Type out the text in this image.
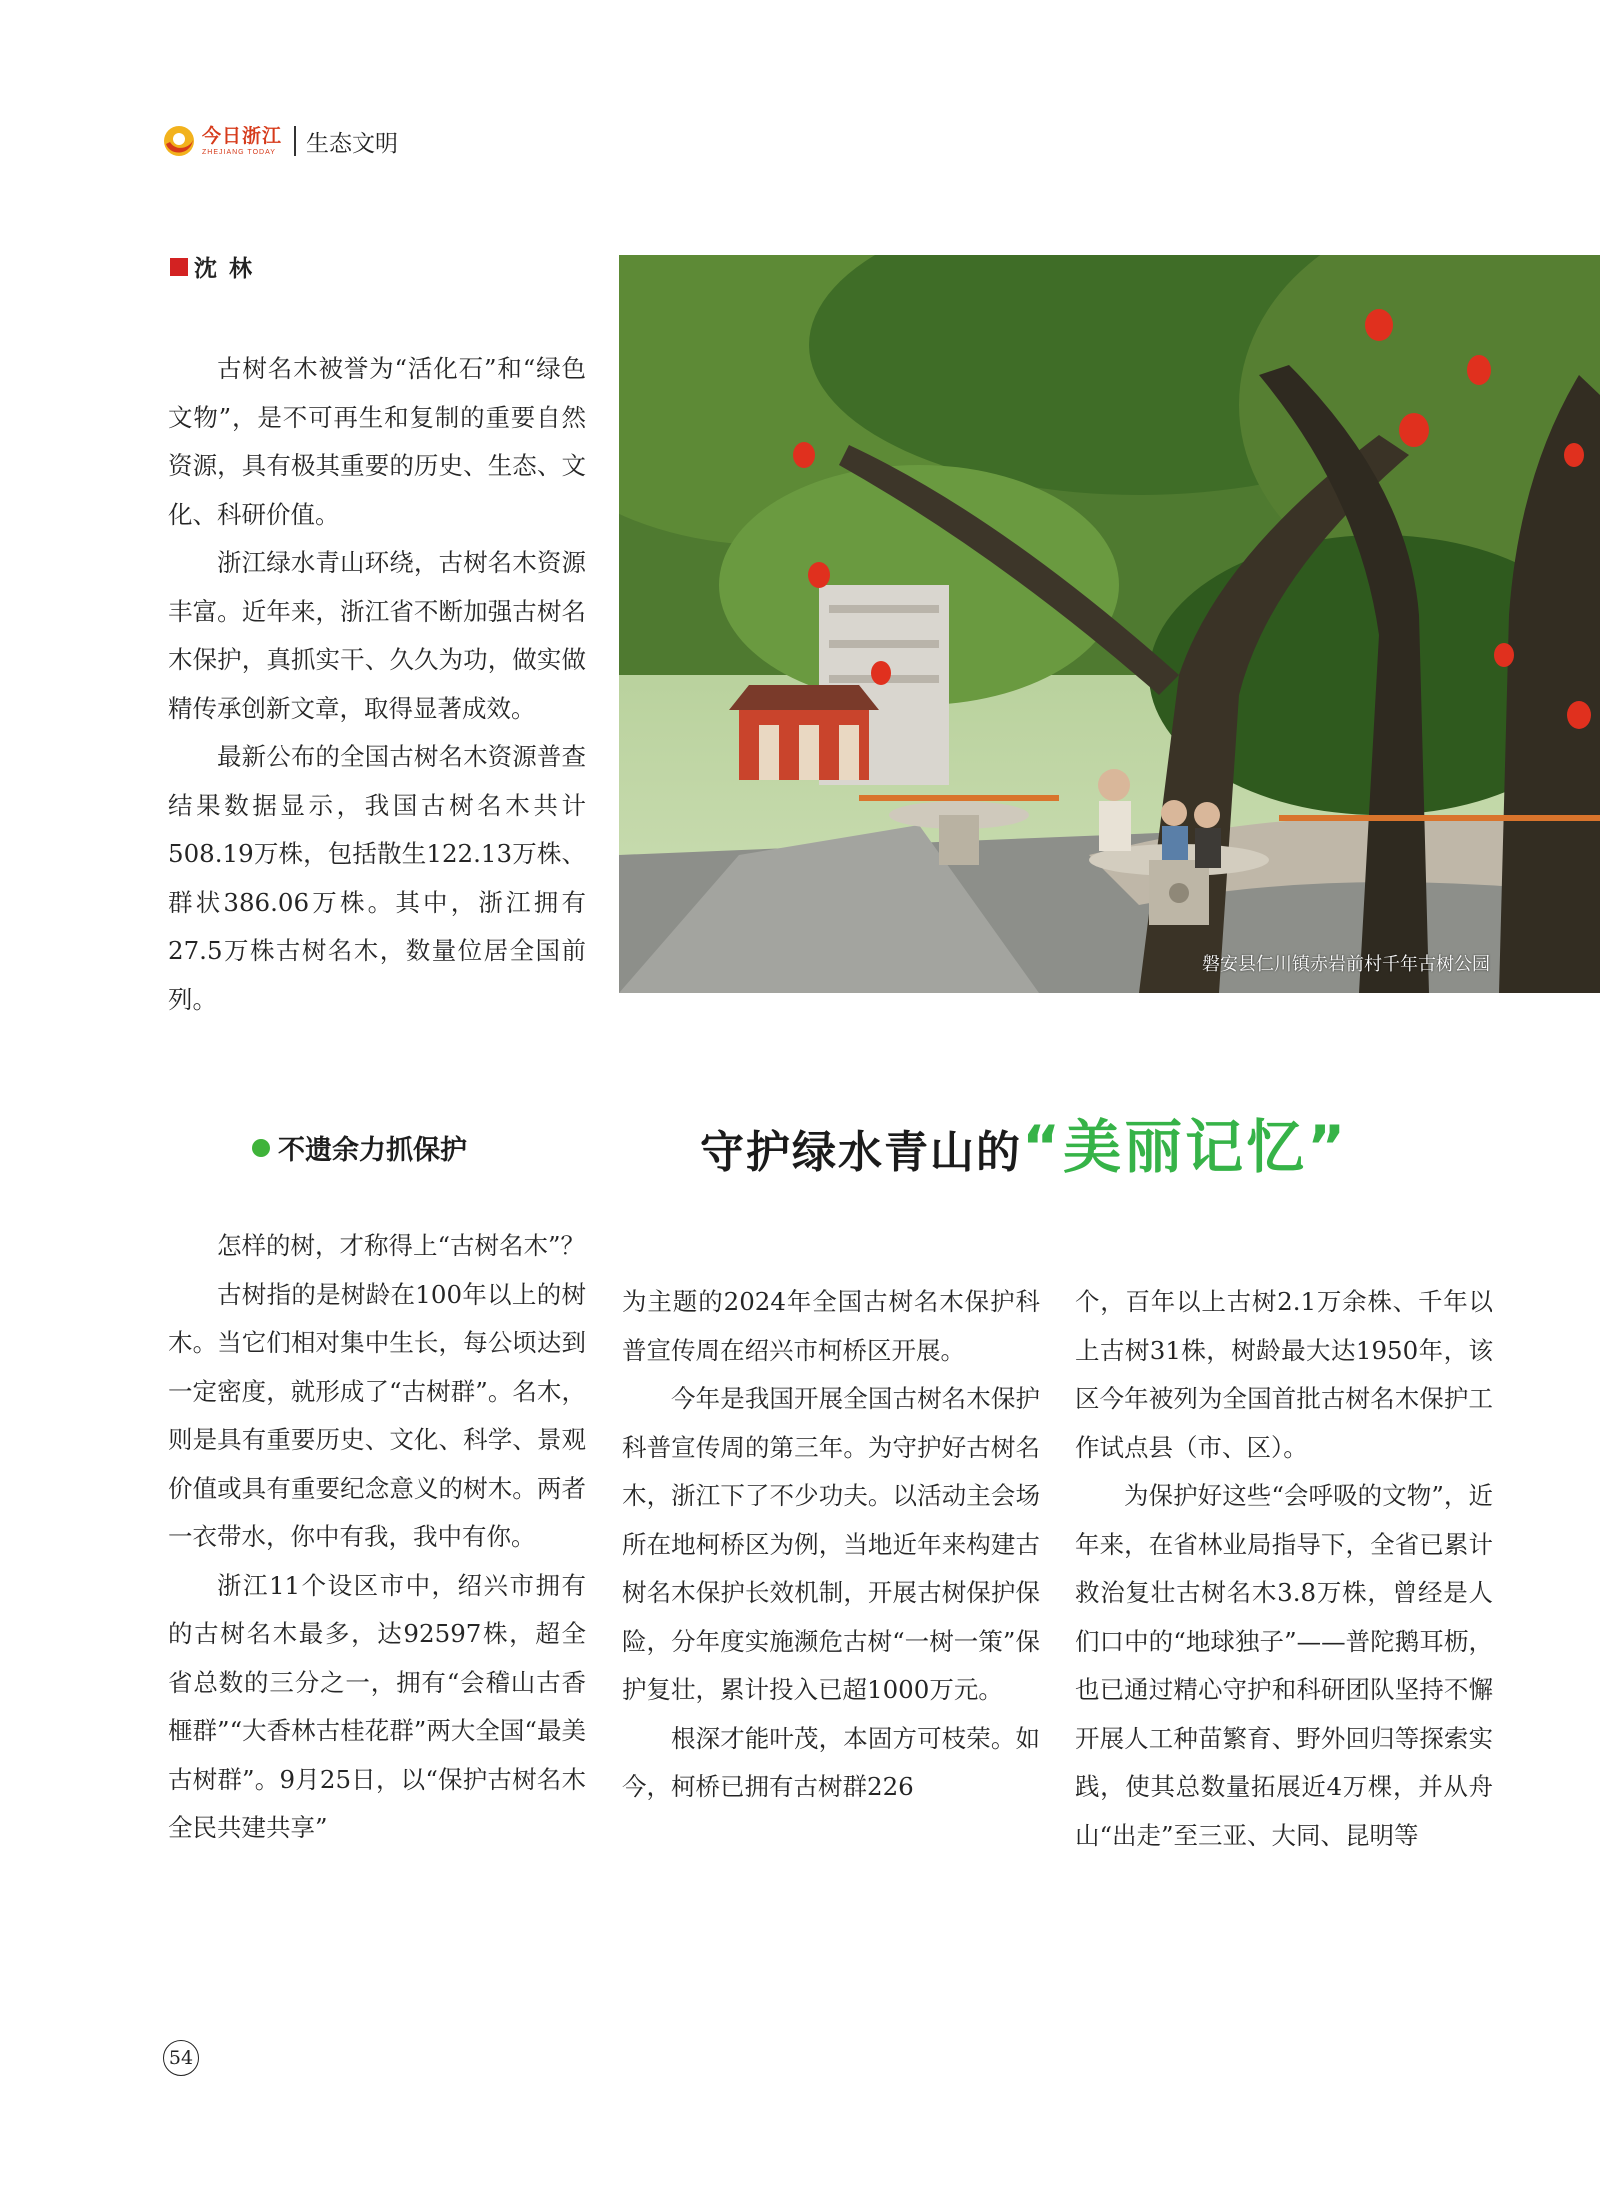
今日浙江
ZHEJIANG TODAY 生态文明
沈 林

古树名木被誉为“活化石”和“绿色文物”，是不可再生和复制的重要自然资源，具有极其重要的历史、生态、文化、科研价值。

浙江绿水青山环绕，古树名木资源丰富。近年来，浙江省不断加强古树名木保护，真抓实干、久久为功，做实做精传承创新文章，取得显著成效。

最新公布的全国古树名木资源普查结果数据显示，我国古树名木共计508.19万株，包括散生122.13万株、群状386.06万株。其中，浙江拥有27.5万株古树名木，数量位居全国前列。

磐安县仁川镇赤岩前村千年古树公园
守护绿水青山的 “美丽记忆”
不遗余力抓保护

怎样的树，才称得上“古树名木”？

古树指的是树龄在100年以上的树木。当它们相对集中生长，每公顷达到一定密度，就形成了“古树群”。名木，则是具有重要历史、文化、科学、景观价值或具有重要纪念意义的树木。两者一衣带水，你中有我，我中有你。

浙江11个设区市中，绍兴市拥有的古树名木最多，达92597株，超全省总数的三分之一，拥有“会稽山古香榧群”“大香林古桂花群”两大全国“最美古树群”。9月25日，以“保护古树名木全民共建共享”

为主题的2024年全国古树名木保护科普宣传周在绍兴市柯桥区开展。

今年是我国开展全国古树名木保护科普宣传周的第三年。为守护好古树名木，浙江下了不少功夫。以活动主会场所在地柯桥区为例，当地近年来构建古树名木保护长效机制，开展古树保护保险，分年度实施濒危古树“一树一策”保护复壮，累计投入已超1000万元。

根深才能叶茂，本固方可枝荣。如今，柯桥已拥有古树群226

个，百年以上古树2.1万余株、千年以上古树31株，树龄最大达1950年，该区今年被列为全国首批古树名木保护工作试点县（市、区）。

为保护好这些“会呼吸的文物”，近年来，在省林业局指导下，全省已累计救治复壮古树名木3.8万株，曾经是人们口中的“地球独子”——普陀鹅耳枥，也已通过精心守护和科研团队坚持不懈开展人工种苗繁育、野外回归等探索实践，使其总数量拓展近4万棵，并从舟山“出走”至三亚、大同、昆明等

54
